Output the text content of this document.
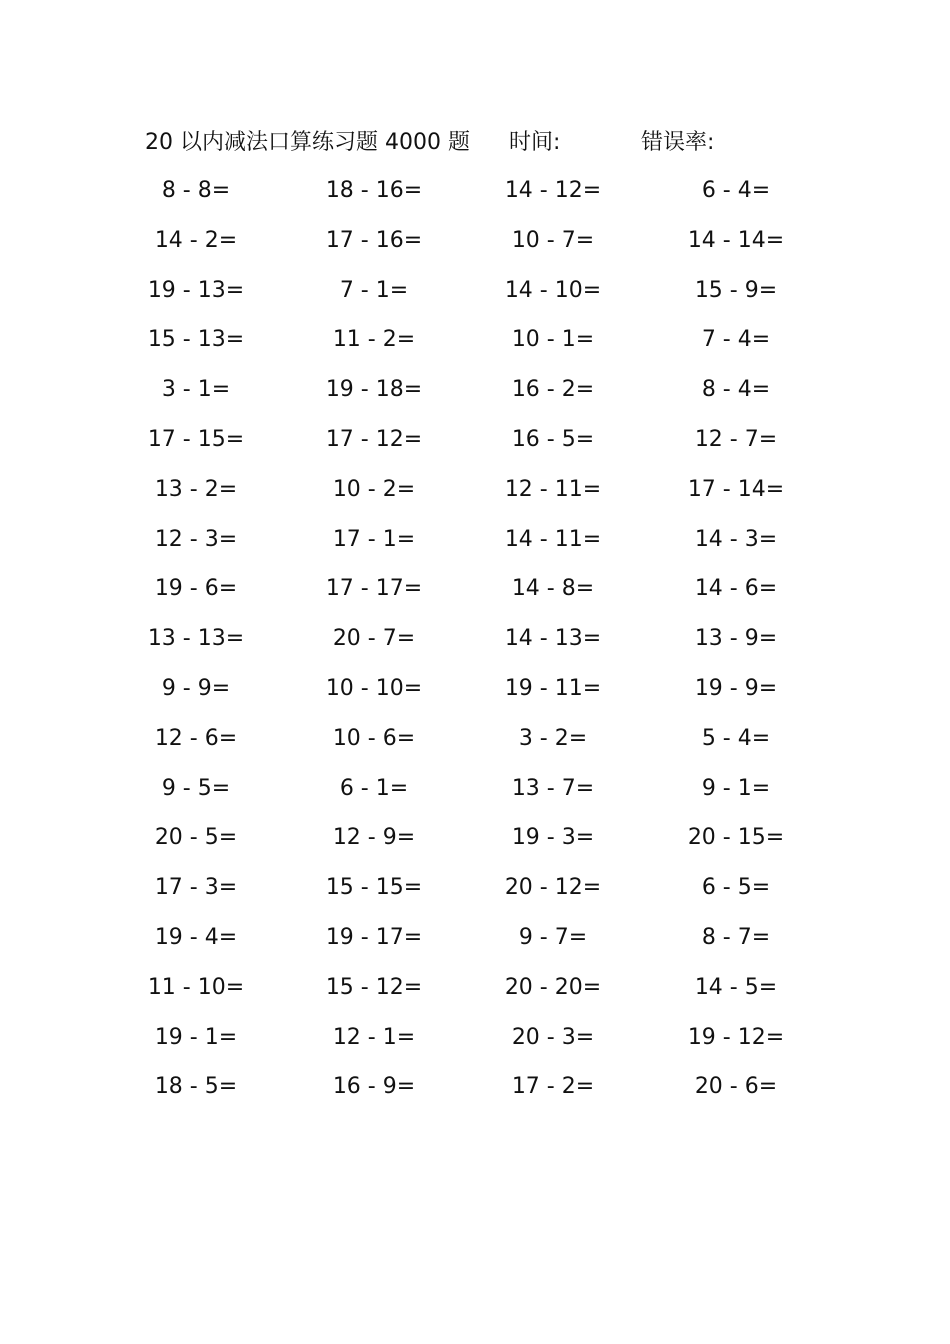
20 以内减法口算练习题 4000 题 时间:	错误率:
8 - 8=	18 - 16=	14 - 12=	6 - 4=
14 - 2=	17 - 16=	10 - 7=	14 - 14=
19 - 13=	7 - 1=	14 - 10=	15 - 9=
15 - 13=	11 - 2=	10 - 1=	7 - 4=
3 - 1=	19 - 18=	16 - 2=	8 - 4=
17 - 15=	17 - 12=	16 - 5=	12 - 7=
13 - 2=	10 - 2=	12 - 11=	17 - 14=
12 - 3=	17 - 1=	14 - 11=	14 - 3=
19 - 6=	17 - 17=	14 - 8=	14 - 6=
13 - 13=	20 - 7=	14 - 13=	13 - 9=
9 - 9=	10 - 10=	19 - 11=	19 - 9=
12 - 6=	10 - 6=	3 - 2=	5 - 4=
9 - 5=	6 - 1=	13 - 7=	9 - 1=
20 - 5=	12 - 9=	19 - 3=	20 - 15=
17 - 3=	15 - 15=	20 - 12=	6 - 5=
19 - 4=	19 - 17=	9 - 7=	8 - 7=
11 - 10=	15 - 12=	20 - 20=	14 - 5=
19 - 1=	12 - 1=	20 - 3=	19 - 12=
18 - 5=	16 - 9=	17 - 2=	20 - 6=
